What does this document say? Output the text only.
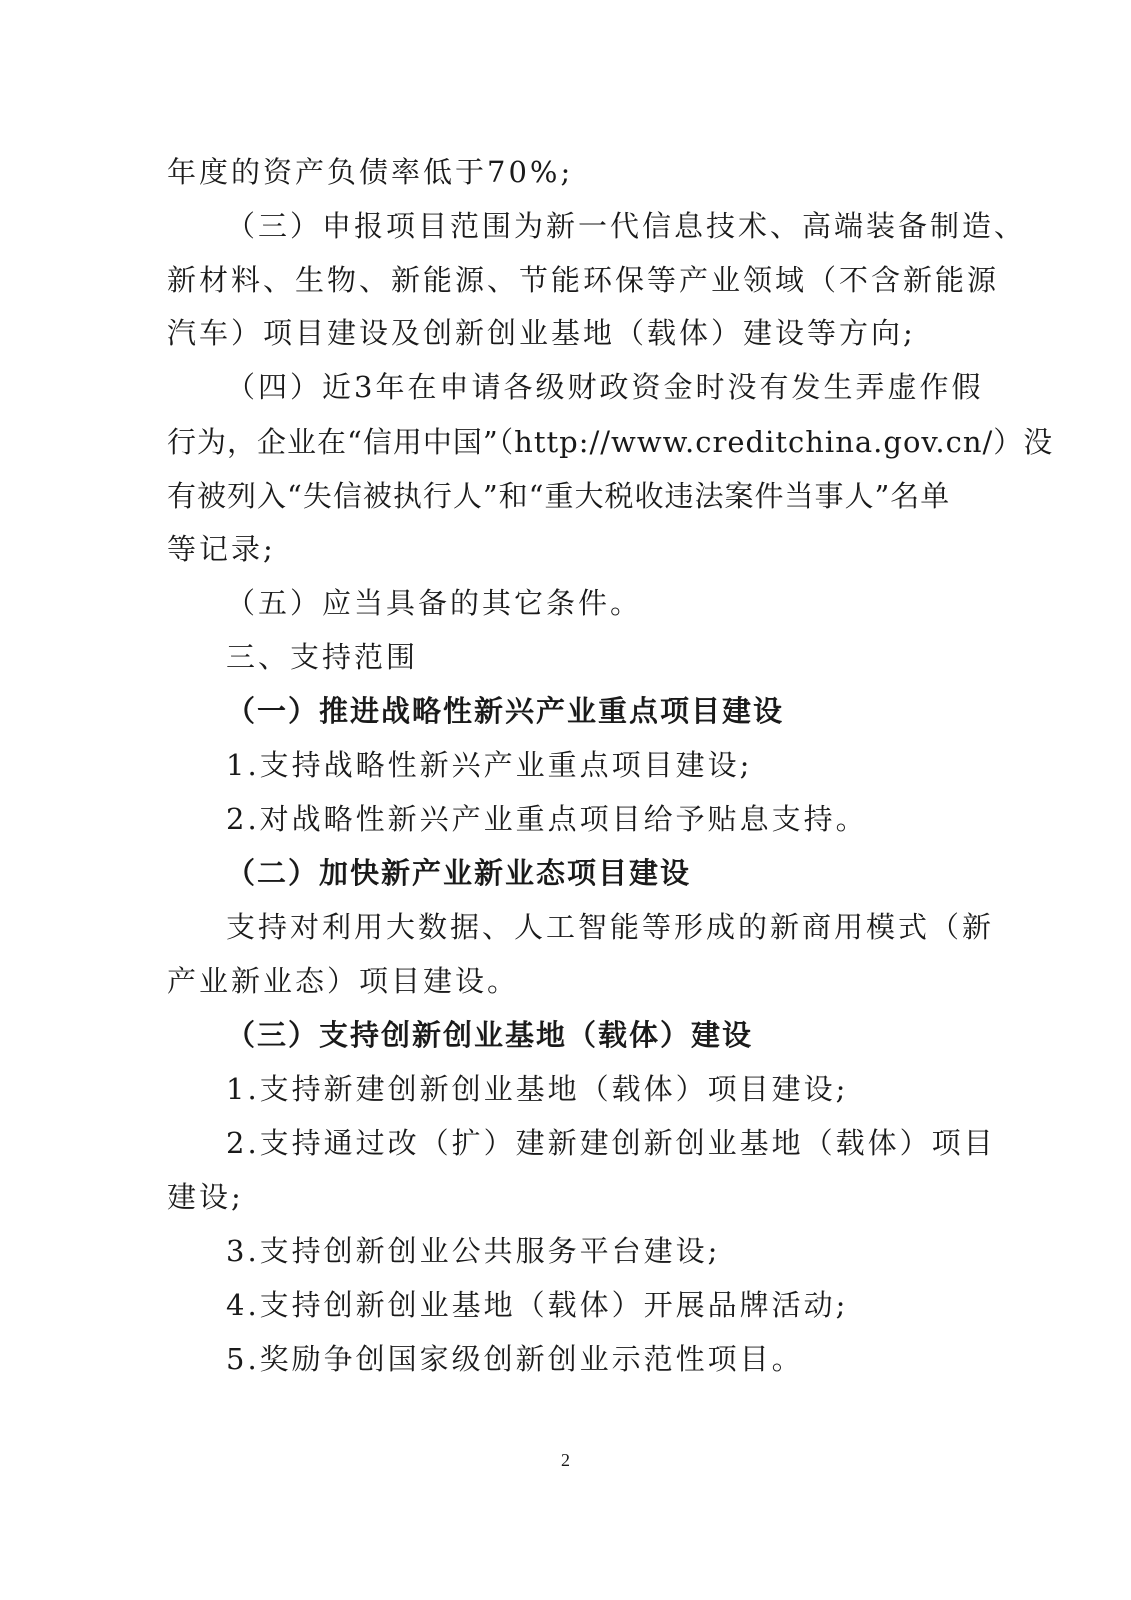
年度的资产负债率低于70%;
（三）申报项目范围为新一代信息技术、高端装备制造、
新材料、生物、新能源、节能环保等产业领域（不含新能源
汽车）项目建设及创新创业基地（载体）建设等方向;
（四）近3年在申请各级财政资金时没有发生弄虚作假
行为，企业在“信用中国”（http://www.creditchina.gov.cn/）没
有被列入“失信被执行人”和“重大税收违法案件当事人”名单
等记录;
（五）应当具备的其它条件。
三、支持范围
（一）推进战略性新兴产业重点项目建设
1.支持战略性新兴产业重点项目建设;
2.对战略性新兴产业重点项目给予贴息支持。
（二）加快新产业新业态项目建设
支持对利用大数据、人工智能等形成的新商用模式（新
产业新业态）项目建设。
（三）支持创新创业基地（载体）建设
1.支持新建创新创业基地（载体）项目建设;
2.支持通过改（扩）建新建创新创业基地（载体）项目
建设;
3.支持创新创业公共服务平台建设;
4.支持创新创业基地（载体）开展品牌活动;
5.奖励争创国家级创新创业示范性项目。
2
